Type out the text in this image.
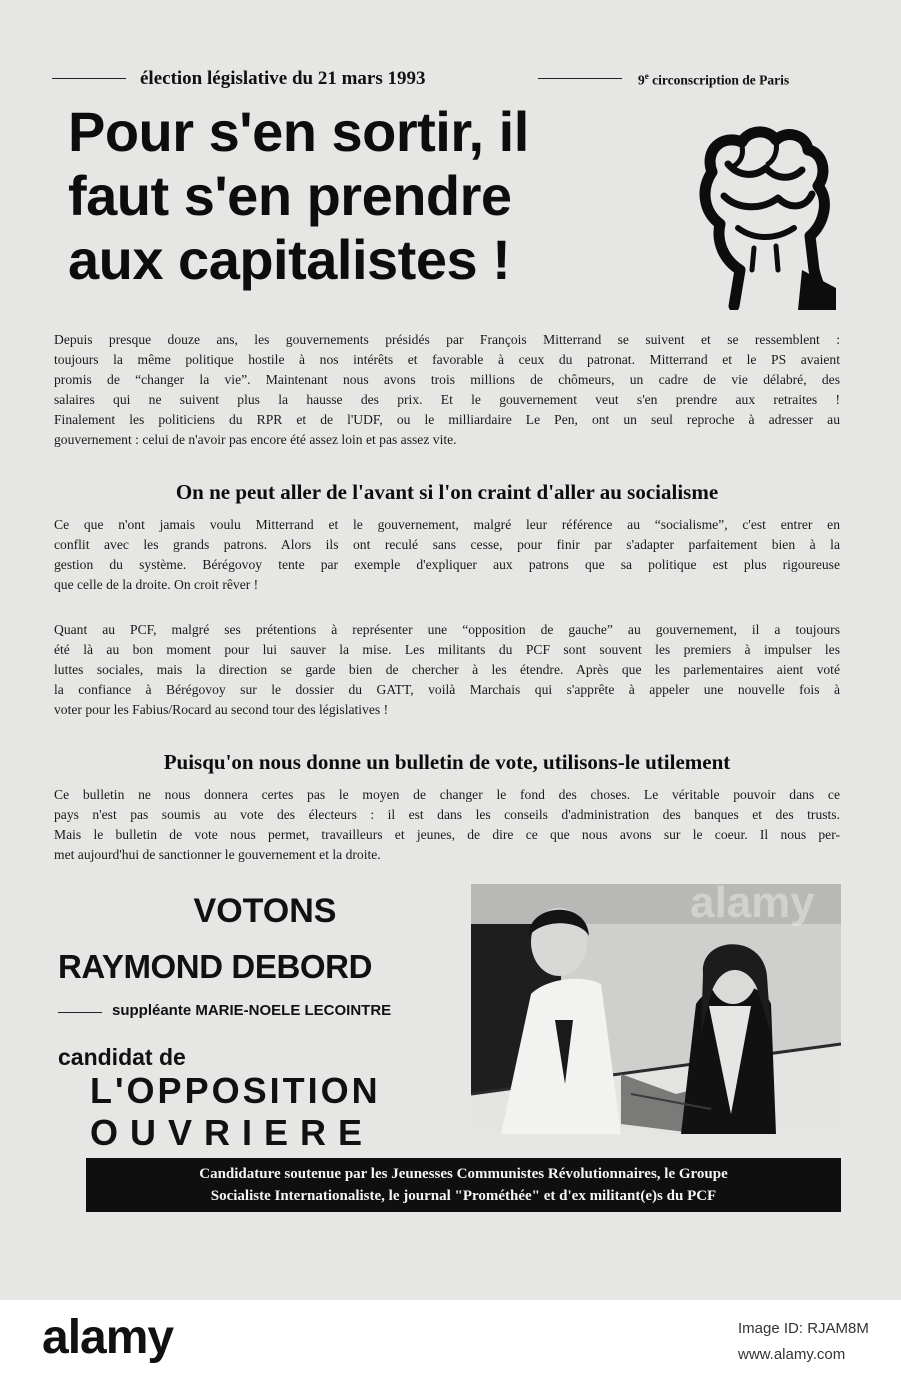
élection législative du 21 mars 1993	9e circonscription de Paris
Pour s'en sortir, il
faut s'en prendre
aux capitalistes !
Depuis presque douze ans, les gouvernements présidés par François Mitterrand se suivent et se ressemblent :
toujours la même politique hostile à nos intérêts et favorable à ceux du patronat. Mitterrand et le PS avaient
promis de “changer la vie”. Maintenant nous avons trois millions de chômeurs, un cadre de vie délabré, des
salaires qui ne suivent plus la hausse des prix. Et le gouvernement veut s'en prendre aux retraites !
Finalement les politiciens du RPR et de l'UDF, ou le milliardaire Le Pen, ont un seul reproche à adresser au
gouvernement : celui de n'avoir pas encore été assez loin et pas assez vite.
On ne peut aller de l'avant si l'on craint d'aller au socialisme
Ce que n'ont jamais voulu Mitterrand et le gouvernement, malgré leur référence au “socialisme”, c'est entrer en
conflit avec les grands patrons. Alors ils ont reculé sans cesse, pour finir par s'adapter parfaitement bien à la
gestion du système. Bérégovoy tente par exemple d'expliquer aux patrons que sa politique est plus rigoureuse
que celle de la droite. On croit rêver !
Quant au PCF, malgré ses prétentions à représenter une “opposition de gauche” au gouvernement, il a toujours
été là au bon moment pour lui sauver la mise. Les militants du PCF sont souvent les premiers à impulser les
luttes sociales, mais la direction se garde bien de chercher à les étendre. Après que les parlementaires aient voté
la confiance à Bérégovoy sur le dossier du GATT, voilà Marchais qui s'apprête à appeler une nouvelle fois à
voter pour les Fabius/Rocard au second tour des législatives !
Puisqu'on nous donne un bulletin de vote, utilisons-le utilement
Ce bulletin ne nous donnera certes pas le moyen de changer le fond des choses. Le véritable pouvoir dans ce
pays n'est pas soumis au vote des électeurs : il est dans les conseils d'administration des banques et des trusts.
Mais le bulletin de vote nous permet, travailleurs et jeunes, de dire ce que nous avons sur le coeur. Il nous per-
met aujourd'hui de sanctionner le gouvernement et la droite.
VOTONS
RAYMOND DEBORD
suppléante MARIE-NOELE LECOINTRE
candidat de
L'OPPOSITION
OUVRIERE
Candidature soutenue par les Jeunesses Communistes Révolutionnaires, le Groupe
Socialiste Internationaliste, le journal "Prométhée" et d'ex militant(e)s du PCF
alamy
alamy	Image ID: RJAM8M
www.alamy.com
